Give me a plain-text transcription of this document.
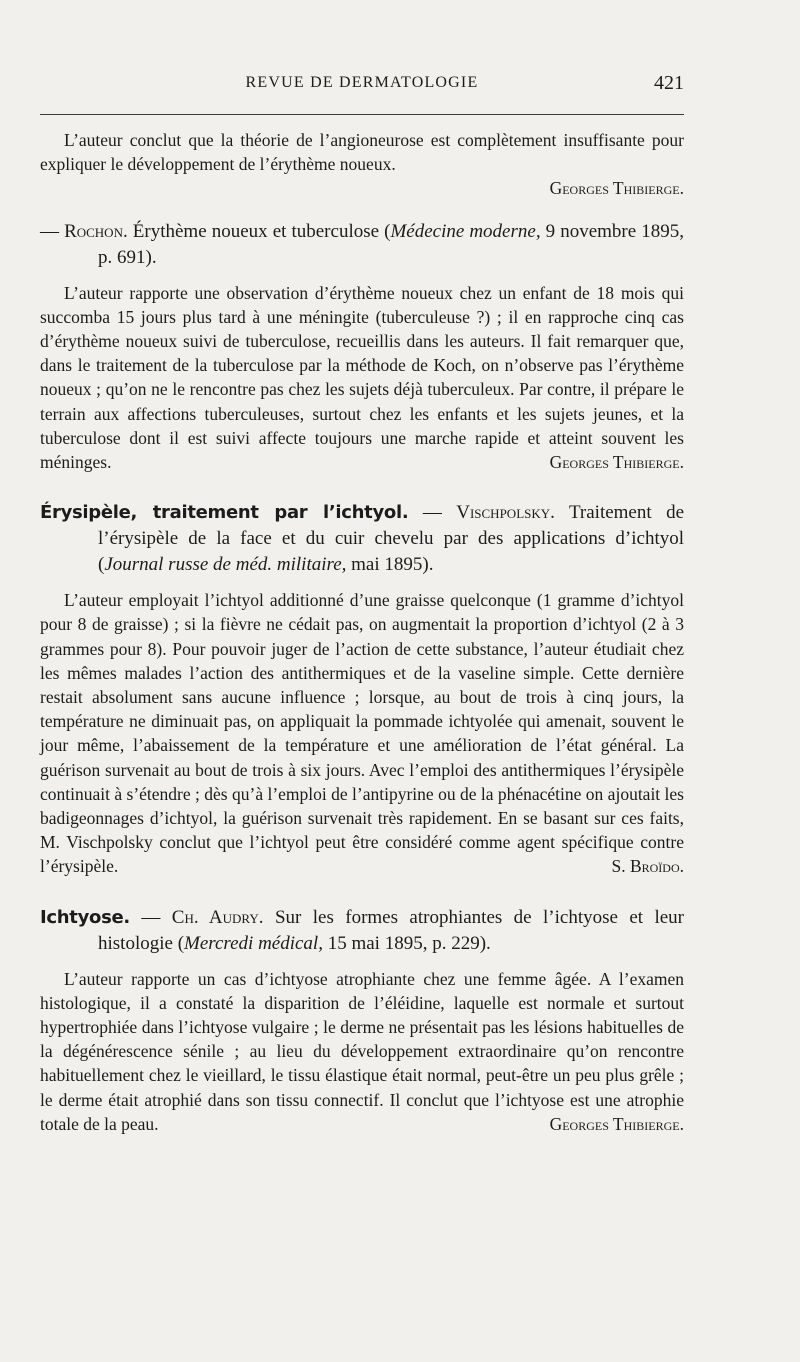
REVUE DE DERMATOLOGIE	421

L’auteur conclut que la théorie de l’angioneurose est complètement insuffisante pour expliquer le développement de l’érythème noueux.

Georges Thibierge.
— Rochon. Érythème noueux et tuberculose (Médecine moderne, 9 novembre 1895, p. 691).

L’auteur rapporte une observation d’érythème noueux chez un enfant de 18 mois qui succomba 15 jours plus tard à une méningite (tuberculeuse ?) ; il en rapproche cinq cas d’érythème noueux suivi de tuberculose, recueillis dans les auteurs. Il fait remarquer que, dans le traitement de la tuberculose par la méthode de Koch, on n’observe pas l’érythème noueux ; qu’on ne le rencontre pas chez les sujets déjà tuberculeux. Par contre, il prépare le terrain aux affections tuberculeuses, surtout chez les enfants et les sujets jeunes, et la tuberculose dont il est suivi affecte toujours une marche rapide et atteint souvent les méninges.	Georges Thibierge.

Érysipèle, traitement par l’ichtyol. — Vischpolsky. Traitement de l’érysipèle de la face et du cuir chevelu par des applications d’ichtyol (Journal russe de méd. militaire, mai 1895).

L’auteur employait l’ichtyol additionné d’une graisse quelconque (1 gramme d’ichtyol pour 8 de graisse) ; si la fièvre ne cédait pas, on augmentait la proportion d’ichtyol (2 à 3 grammes pour 8). Pour pouvoir juger de l’action de cette substance, l’auteur étudiait chez les mêmes malades l’action des antithermiques et de la vaseline simple. Cette dernière restait absolument sans aucune influence ; lorsque, au bout de trois à cinq jours, la température ne diminuait pas, on appliquait la pommade ichtyolée qui amenait, souvent le jour même, l’abaissement de la température et une amélioration de l’état général. La guérison survenait au bout de trois à six jours. Avec l’emploi des antithermiques l’érysipèle continuait à s’étendre ; dès qu’à l’emploi de l’antipyrine ou de la phénacétine on ajoutait les badigeonnages d’ichtyol, la guérison survenait très rapidement. En se basant sur ces faits, M. Vischpolsky conclut que l’ichtyol peut être considéré comme agent spécifique contre l’érysipèle.	S. Broïdo.

Ichtyose. — Ch. Audry. Sur les formes atrophiantes de l’ichtyose et leur histologie (Mercredi médical, 15 mai 1895, p. 229).

L’auteur rapporte un cas d’ichtyose atrophiante chez une femme âgée. A l’examen histologique, il a constaté la disparition de l’éléidine, laquelle est normale et surtout hypertrophiée dans l’ichtyose vulgaire ; le derme ne présentait pas les lésions habituelles de la dégénérescence sénile ; au lieu du développement extraordinaire qu’on rencontre habituellement chez le vieillard, le tissu élastique était normal, peut-être un peu plus grêle ; le derme était atrophié dans son tissu connectif. Il conclut que l’ichtyose est une atrophie totale de la peau.	Georges Thibierge.
